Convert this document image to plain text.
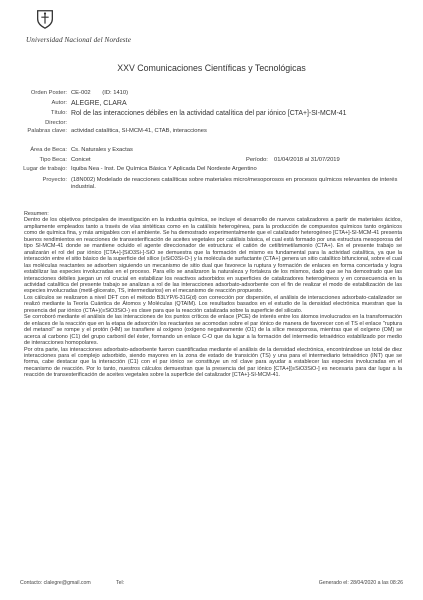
Universidad Nacional del Nordeste
XXV Comunicaciones Científicas y Tecnológicas
Orden Poster: CE-002 (ID: 1410)
Autor: ALEGRE, CLARA
Título: Rol de las interacciones débiles en la actividad catalítica del par iónico [CTA+]-SI-MCM-41
Director:
Palabras clave: actividad catalítica, SI-MCM-41, CTAB, interacciones
Área de Beca: Cs. Naturales y Exactas
Tipo Beca: Conicet	Período: 01/04/2018 al 31/07/2019
Lugar de trabajo: Iquiba Nea - Inst. De Química Básica Y Aplicada Del Nordeste Argentino
Proyecto: (18N002) Modelado de reacciones catalíticas sobre materiales micro/mesoporosos en procesos químicos relevantes de interés industrial.

Resumen:

Dentro de los objetivos principales de investigación en la industria química, se incluye el desarrollo de nuevos catalizadores a partir de materiales ácidos, ampliamente empleados tanto a través de vías sintéticas como en la catálisis heterogénea, para la producción de compuestos químicos tanto orgánicos como de química fina, y más amigables con el ambiente. Se ha demostrado experimentalmente que el catalizador heterogéneo [CTA+]-SI-MCM-41 presenta buenos rendimientos en reacciones de transesterificación de aceites vegetales por catálisis básica, el cual está formado por una estructura mesoporosa del tipo SI-MCM-41 donde se mantiene ocluido el agente direccionador de estructura: el catión de cetiltrimetilamonio (CTA+). En el presente trabajo se analizarán el rol del par iónico [CTA+]-[SiO3Si-]-SiO se demuestra que la formación del mismo es fundamental para la actividad catalítica, ya que la interacción entre el sitio básico de la superficie del sílice (≡SiO3Si-O-) y la molécula de surfactante (CTA+) genera un sitio catalítico bifuncional, sobre el cual las moléculas reactantes se adsorben siguiendo un mecanismo de sitio dual que favorece la ruptura y formación de enlaces en forma concertada y logra estabilizar las especies involucradas en el proceso. Para ello se analizaron la naturaleza y fortaleza de los mismos, dado que se ha demostrado que las interacciones débiles juegan un rol crucial en estabilizar los reactivos adsorbidos en superficies de catalizadores heterogéneos y en consecuencia en la actividad catalítica del presente trabajo se analizan a rol de las interacciones adsorbato-adsorbente con el fin de realizar el modo de estabilización de las especies involucradas (metil-glicerato, TS, intermediarios) en el mecanismo de reacción propuesto.

Los cálculos se realizaron a nivel DFT con el método B3LYP/6-31G(d) con corrección por dispersión, el análisis de interacciones adsorbato-catalizador se realizó mediante la Teoría Cuántica de Átomos y Moléculas (QTAIM). Los resultados basados en el estudio de la densidad electrónica muestran que la presencia del par iónico (CTA+)(≡SiO3SiO-) es clave para que la reacción catalizada sobre la superficie del silicato.

Se corroboró mediante el análisis de las interacciones de los puntos críticos de enlace (PCE) de interés entre los átomos involucrados en la transformación de enlaces de la reacción que en la etapa de adsorción los reactantes se acomodan sobre el par iónico de manera de favorecer con el TS el enlace "ruptura del metanol" se rompe y el protón (HM) se transfiere al oxígeno (oxígeno negativamente (O1) de la sílice mesoporosa, mientras que el oxígeno (OM) se acerca al carbono (C1) del grupo carbonil del éster, formando un enlace C-O que da lugar a la formación del intermedio tetraédrico estabilizado por medio de interacciones homopolares.

Por otra parte, las interacciones adsorbato-adsorbente fueron cuantificadas mediante el análisis de la densidad electrónica, encontrándose un total de diez interacciones para el complejo adsorbido, siendo mayores en la zona de estado de transición (TS) y una para el intermediario tetraédrico (INT) que se forma, cabe destacar que la interacción (C1) con el par iónico se constituye un rol clave para ayudar a establecer las especies involucradas en el mecanismo de reacción. Por lo tanto, nuestros cálculos demuestran que la presencia del par iónico [CTA+][≡SiO3SiO-] es necesaria para dar lugar a la reacción de transesterificación de aceites vegetales sobre la superficie del catalizador [CTA+]-SI-MCM-41.

Contacto: clalegre@gmail.com	Tel:	Generado el: 28/04/2020 a las 08:26
